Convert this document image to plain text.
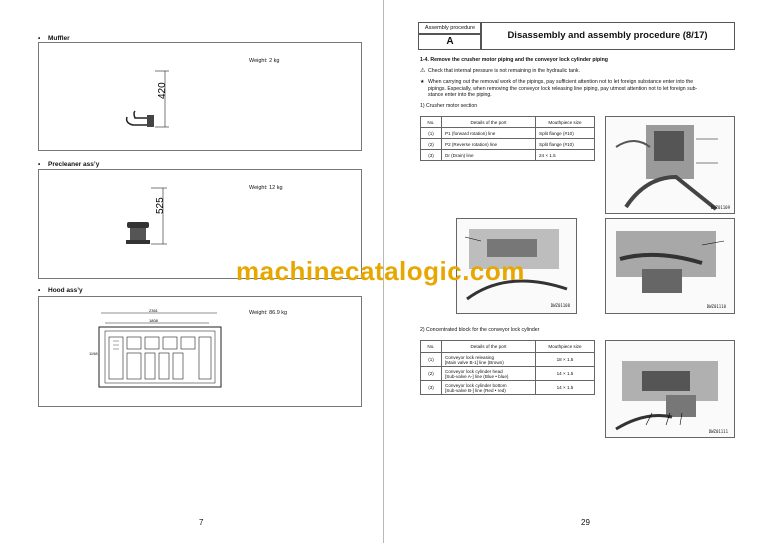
• Muffler
Weight: 2 kg
420
• Precleaner ass’y
Weight: 12 kg
525
• Hood ass’y
Weight: 86.9 kg
2361
1808
1198
7
Assembly procedure
A
Disassembly and assembly procedure (8/17)
1-4. Remove the crusher motor piping and the conveyor lock cylinder piping
⚠ Check that internal pressure is not remaining in the hydraulic tank.
★ When carrying out the removal work of the pipings, pay sufficient attention not to let foreign substance enter into the
pipings. Especially, when removing the conveyor lock releasing line piping, pay utmost attention not to let foreign sub-
stance enter into the piping.
1) Crusher motor section
No.	Details of the port	Mouthpiece size
(1)	P1 (forward rotation) line	Split flange (#10)
(2)	P2 (Reverse rotation) line	Split flange (#10)
(3)	Dr (Drain) line	24 × 1.5
DWZ01109
DWZ01108	DWZ01110
2) Concentrated block for the conveyor lock cylinder
No.	Details of the port	Mouthpiece size
(1)	Conveyor lock releasing
[Main valve B-1] line (Brown)	18 × 1.5
(2)	Conveyor lock cylinder head
[Sub-valve A-] line (Blue • blue)	14 × 1.5
(3)	Conveyor lock cylinder bottom
[Sub-valve B-] line (Red • red)	14 × 1.5
DWZ01111
29
machinecatalogic.com
